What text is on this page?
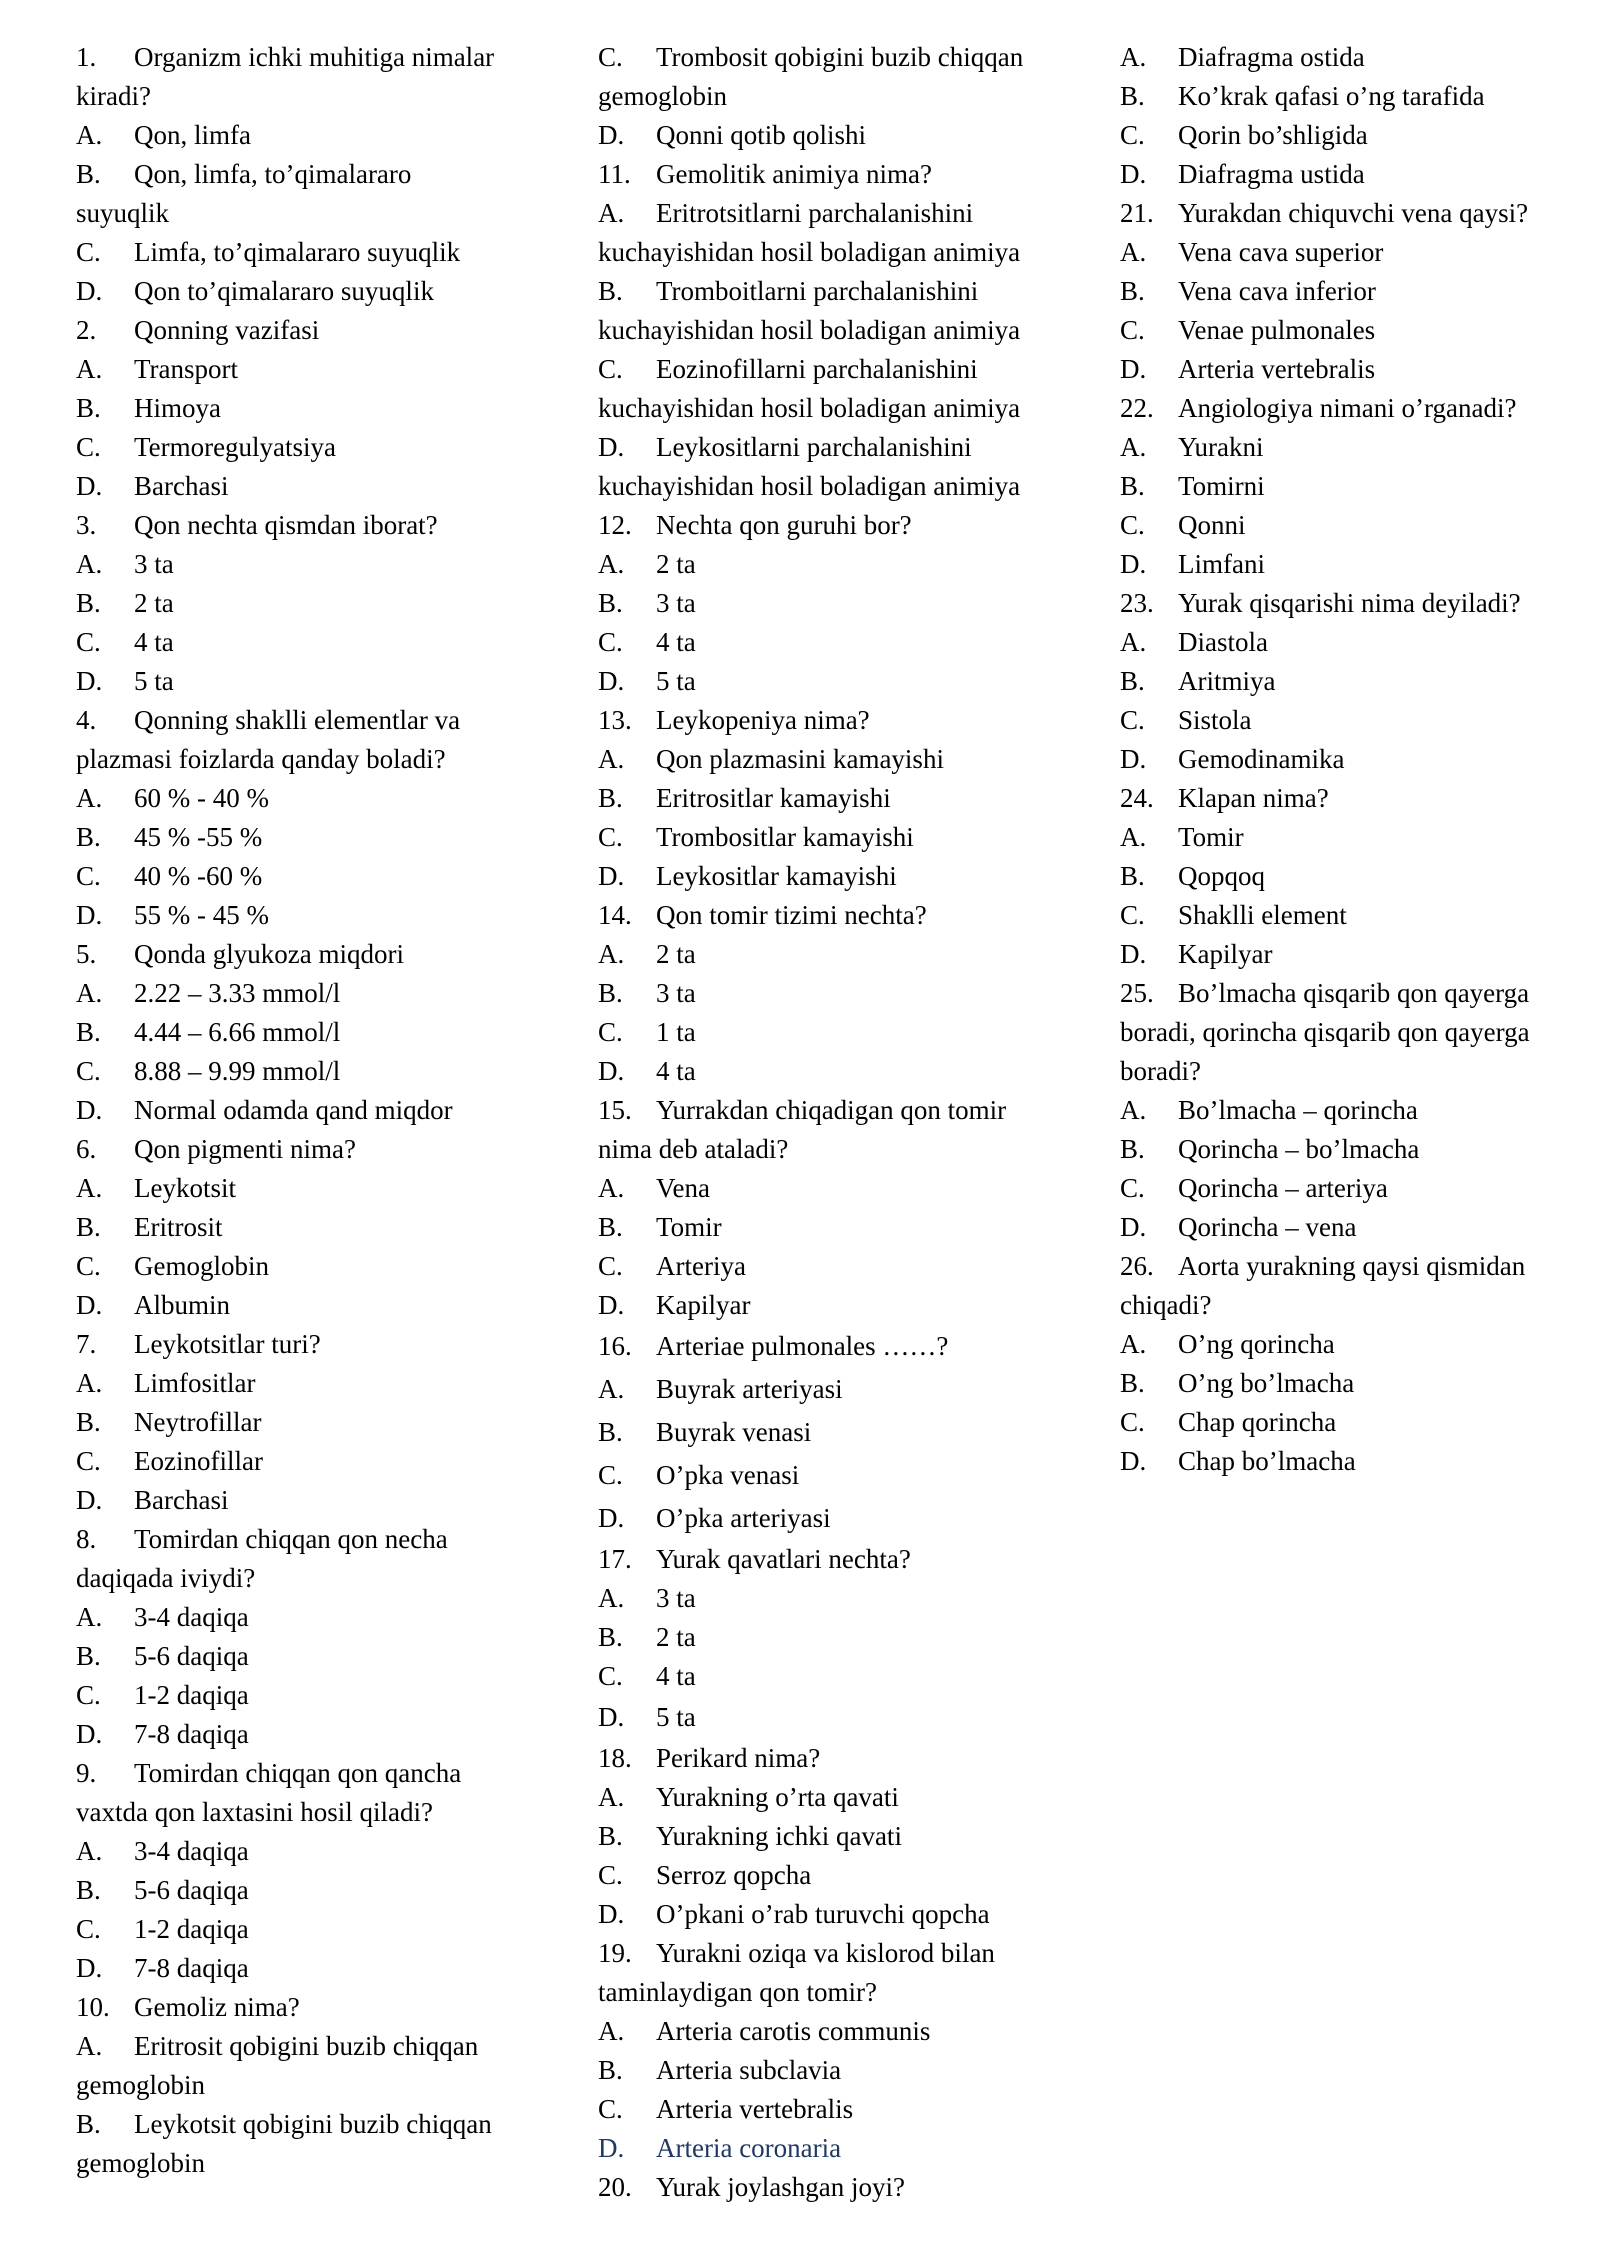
1. Organizm ichki muhitiga nimalar
kiradi?
A. Qon, limfa
B. Qon, limfa, to’qimalararo
suyuqlik
C. Limfa, to’qimalararo suyuqlik
D. Qon to’qimalararo suyuqlik
2. Qonning vazifasi
A. Transport
B. Himoya
C. Termoregulyatsiya
D. Barchasi
3. Qon nechta qismdan iborat?
A. 3 ta
B. 2 ta
C. 4 ta
D. 5 ta
4. Qonning shaklli elementlar va
plazmasi foizlarda qanday boladi?
A. 60 % - 40 %
B. 45 % -55 %
C. 40 % -60 %
D. 55 % - 45 %
5. Qonda glyukoza miqdori
A. 2.22 – 3.33 mmol/l
B. 4.44 – 6.66 mmol/l
C. 8.88 – 9.99 mmol/l
D. Normal odamda qand miqdor
6. Qon pigmenti nima?
A. Leykotsit
B. Eritrosit
C. Gemoglobin
D. Albumin
7. Leykotsitlar turi?
A. Limfositlar
B. Neytrofillar
C. Eozinofillar
D. Barchasi
8. Tomirdan chiqqan qon necha
daqiqada iviydi?
A. 3-4 daqiqa
B. 5-6 daqiqa
C. 1-2 daqiqa
D. 7-8 daqiqa
9. Tomirdan chiqqan qon qancha
vaxtda qon laxtasini hosil qiladi?
A. 3-4 daqiqa
B. 5-6 daqiqa
C. 1-2 daqiqa
D. 7-8 daqiqa
10. Gemoliz nima?
A. Eritrosit qobigini buzib chiqqan
gemoglobin
B. Leykotsit qobigini buzib chiqqan
gemoglobin
C. Trombosit qobigini buzib chiqqan
gemoglobin
D. Qonni qotib qolishi
11. Gemolitik animiya nima?
A. Eritrotsitlarni parchalanishini
kuchayishidan hosil boladigan animiya
B. Tromboitlarni parchalanishini
kuchayishidan hosil boladigan animiya
C. Eozinofillarni parchalanishini
kuchayishidan hosil boladigan animiya
D. Leykositlarni parchalanishini
kuchayishidan hosil boladigan animiya
12. Nechta qon guruhi bor?
A. 2 ta
B. 3 ta
C. 4 ta
D. 5 ta
13. Leykopeniya nima?
A. Qon plazmasini kamayishi
B. Eritrositlar kamayishi
C. Trombositlar kamayishi
D. Leykositlar kamayishi
14. Qon tomir tizimi nechta?
A. 2 ta
B. 3 ta
C. 1 ta
D. 4 ta
15. Yurrakdan chiqadigan qon tomir
nima deb ataladi?
A. Vena
B. Tomir
C. Arteriya
D. Kapilyar
16. Arteriae pulmonales ……?
A. Buyrak arteriyasi
B. Buyrak venasi
C. O’pka venasi
D. O’pka arteriyasi
17. Yurak qavatlari nechta?
A. 3 ta
B. 2 ta
C. 4 ta
D. 5 ta
18. Perikard nima?
A. Yurakning o’rta qavati
B. Yurakning ichki qavati
C. Serroz qopcha
D. O’pkani o’rab turuvchi qopcha
19. Yurakni oziqa va kislorod bilan
taminlaydigan qon tomir?
A. Arteria carotis communis
B. Arteria subclavia
C. Arteria vertebralis
D. Arteria coronaria
20. Yurak joylashgan joyi?
A. Diafragma ostida
B. Ko’krak qafasi o’ng tarafida
C. Qorin bo’shligida
D. Diafragma ustida
21. Yurakdan chiquvchi vena qaysi?
A. Vena cava superior
B. Vena cava inferior
C. Venae pulmonales
D. Arteria vertebralis
22. Angiologiya nimani o’rganadi?
A. Yurakni
B. Tomirni
C. Qonni
D. Limfani
23. Yurak qisqarishi nima deyiladi?
A. Diastola
B. Aritmiya
C. Sistola
D. Gemodinamika
24. Klapan nima?
A. Tomir
B. Qopqoq
C. Shaklli element
D. Kapilyar
25. Bo’lmacha qisqarib qon qayerga
boradi, qorincha qisqarib qon qayerga
boradi?
A. Bo’lmacha – qorincha
B. Qorincha – bo’lmacha
C. Qorincha – arteriya
D. Qorincha – vena
26. Aorta yurakning qaysi qismidan
chiqadi?
A. O’ng qorincha
B. O’ng bo’lmacha
C. Chap qorincha
D. Chap bo’lmacha
